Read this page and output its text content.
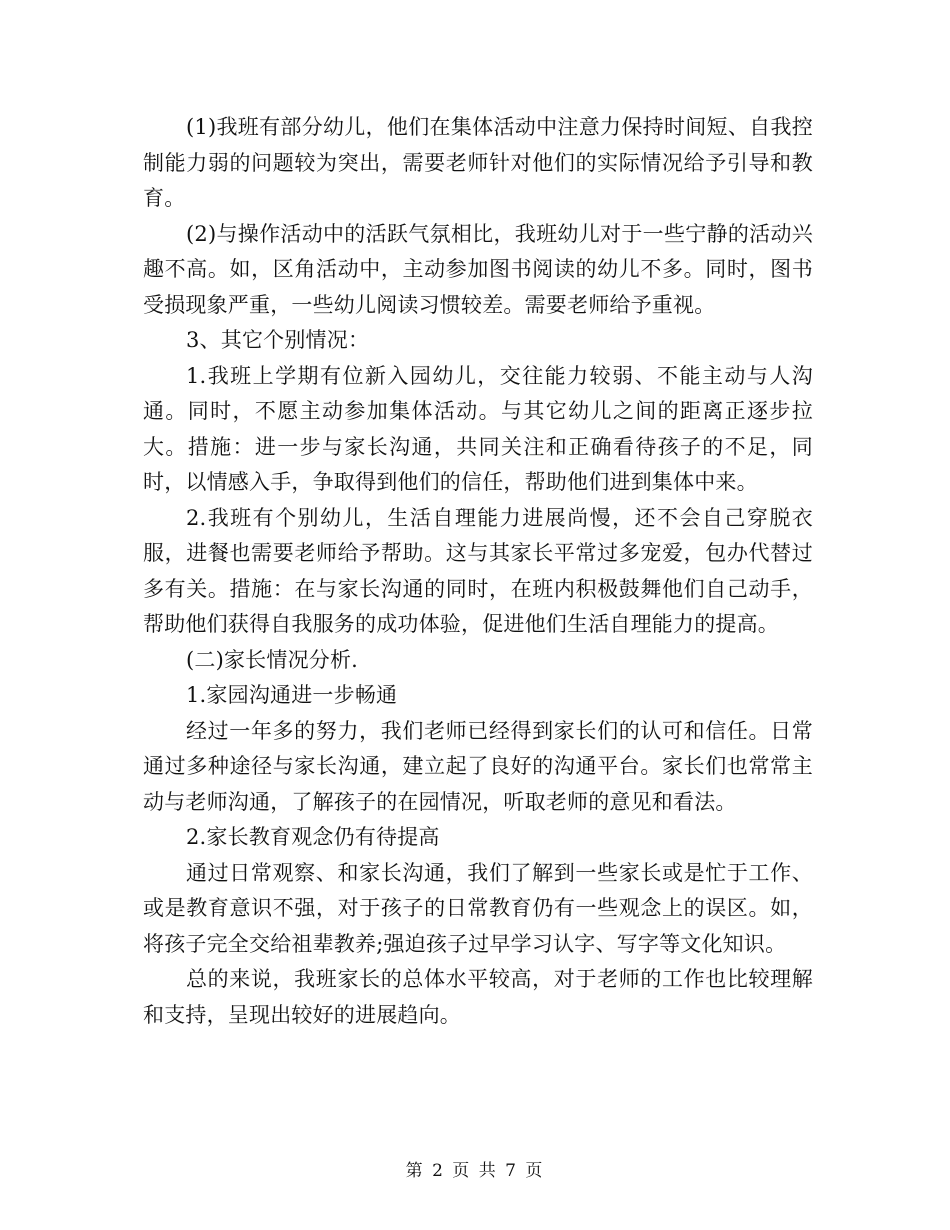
(1)我班有部分幼儿，他们在集体活动中注意力保持时间短、自我控制能力弱的问题较为突出，需要老师针对他们的实际情况给予引导和教育。

(2)与操作活动中的活跃气氛相比，我班幼儿对于一些宁静的活动兴趣不高。如，区角活动中，主动参加图书阅读的幼儿不多。同时，图书受损现象严重，一些幼儿阅读习惯较差。需要老师给予重视。

3、其它个别情况：

1.我班上学期有位新入园幼儿，交往能力较弱、不能主动与人沟通。同时，不愿主动参加集体活动。与其它幼儿之间的距离正逐步拉大。措施：进一步与家长沟通，共同关注和正确看待孩子的不足，同时，以情感入手，争取得到他们的信任，帮助他们进到集体中来。

2.我班有个别幼儿，生活自理能力进展尚慢，还不会自己穿脱衣服，进餐也需要老师给予帮助。这与其家长平常过多宠爱，包办代替过多有关。措施：在与家长沟通的同时，在班内积极鼓舞他们自己动手，帮助他们获得自我服务的成功体验，促进他们生活自理能力的提高。

(二)家长情况分析.

1.家园沟通进一步畅通

经过一年多的努力，我们老师已经得到家长们的认可和信任。日常通过多种途径与家长沟通，建立起了良好的沟通平台。家长们也常常主动与老师沟通，了解孩子的在园情况，听取老师的意见和看法。

2.家长教育观念仍有待提高

通过日常观察、和家长沟通，我们了解到一些家长或是忙于工作、或是教育意识不强，对于孩子的日常教育仍有一些观念上的误区。如，将孩子完全交给祖辈教养;强迫孩子过早学习认字、写字等文化知识。

总的来说，我班家长的总体水平较高，对于老师的工作也比较理解和支持，呈现出较好的进展趋向。

第 2 页 共 7 页
